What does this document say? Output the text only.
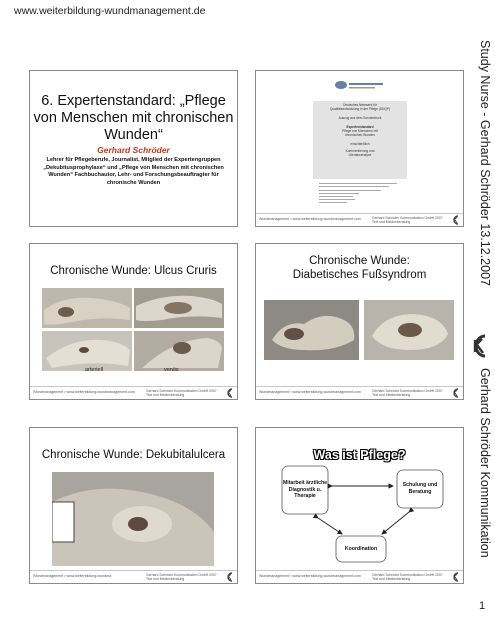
www.weiterbildung-wundmanagement.de
Study Nurse - Gerhard Schröder 13.12.2007
Gerhard Schröder Kommunikation
1
6. Expertenstandard: „Pflege von Menschen mit chronischen Wunden“
Gerhard Schröder
Lehrer für Pflegeberufe, Journalist, Mitglied der Expertengruppen „Dekubitusprophylaxe“ und „Pflege von Menschen mit chronischen Wunden“ Fachbuchautor, Lehr- und Forschungsbeauftragter für chronische Wunden
Deutsches Netzwerk für
Qualitätsentwicklung in der Pflege (DNQP)
Auszug aus dem Sonderdruck
Expertenstandard
Pflege von Menschen mit
chronischen Wunden
einschließlich
Kommentierung und
Literaturanalyse
Wundmanagement • www.weiterbildung-wundmanagement.com	Gerhard Schröder Kommunikation GmbH 2007 Text und Medienberatung
Chronische Wunde: Ulcus Cruris
arteriell	venös
Wundmanagement • www.weiterbildung-wundmanagement.com	Gerhard Schröder Kommunikation GmbH 2007 Text und Medienberatung
Chronische Wunde: Diabetisches Fußsyndrom
Wundmanagement • www.weiterbildung-wundmanagement.com	Gerhard Schröder Kommunikation GmbH 2007 Text und Medienberatung
Chronische Wunde: Dekubitalulcera
Wundmanagement • www.weiterbildung-wundma	Gerhard Schröder Kommunikation GmbH 2007 Text und Medienberatung
Was ist Pflege?
Mitarbeit ärztliche Diagnostik u. Therapie
Schulung und Beratung
Koordination
Wundmanagement • www.weiterbildung-wundmanagement.com	Gerhard Schröder Kommunikation GmbH 2007 Text und Medienberatung
